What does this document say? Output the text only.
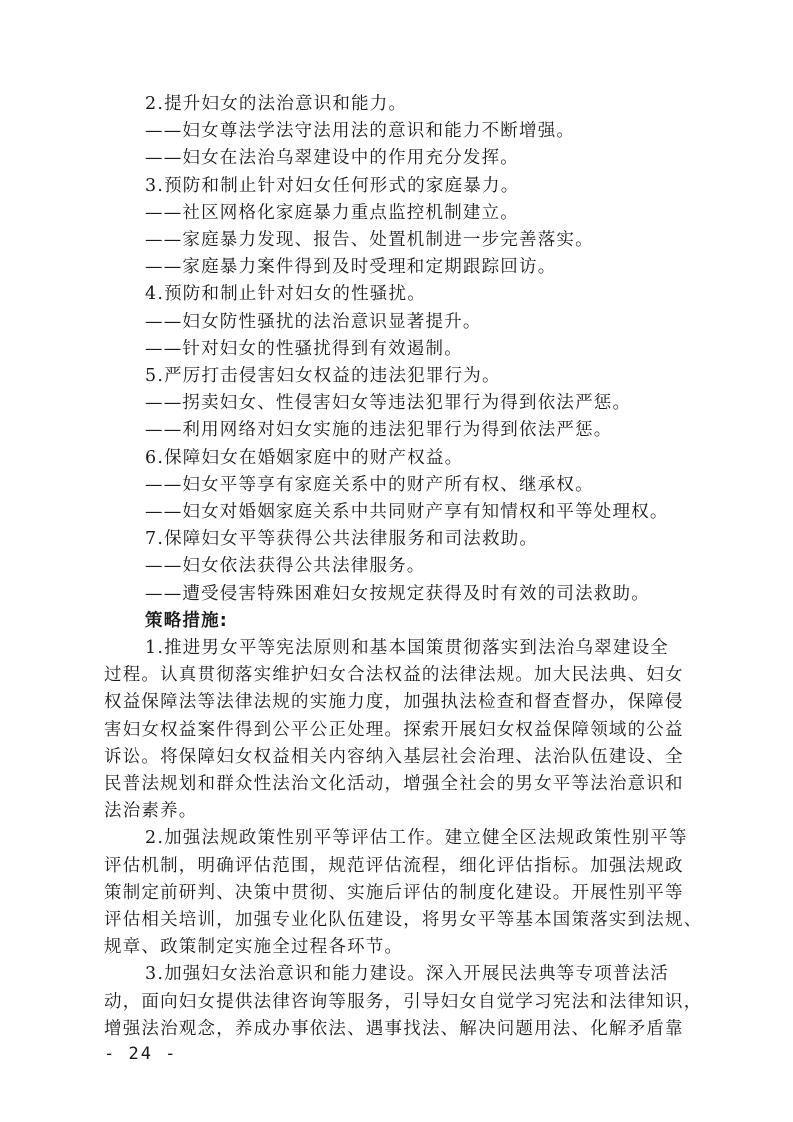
2.提升妇女的法治意识和能力。
——妇女尊法学法守法用法的意识和能力不断增强。
——妇女在法治乌翠建设中的作用充分发挥。
3.预防和制止针对妇女任何形式的家庭暴力。
——社区网格化家庭暴力重点监控机制建立。
——家庭暴力发现、报告、处置机制进一步完善落实。
——家庭暴力案件得到及时受理和定期跟踪回访。
4.预防和制止针对妇女的性骚扰。
——妇女防性骚扰的法治意识显著提升。
——针对妇女的性骚扰得到有效遏制。
5.严厉打击侵害妇女权益的违法犯罪行为。
——拐卖妇女、性侵害妇女等违法犯罪行为得到依法严惩。
——利用网络对妇女实施的违法犯罪行为得到依法严惩。
6.保障妇女在婚姻家庭中的财产权益。
——妇女平等享有家庭关系中的财产所有权、继承权。
——妇女对婚姻家庭关系中共同财产享有知情权和平等处理权。
7.保障妇女平等获得公共法律服务和司法救助。
——妇女依法获得公共法律服务。
——遭受侵害特殊困难妇女按规定获得及时有效的司法救助。
策略措施:
1.推进男女平等宪法原则和基本国策贯彻落实到法治乌翠建设全
过程。认真贯彻落实维护妇女合法权益的法律法规。加大民法典、妇女
权益保障法等法律法规的实施力度，加强执法检查和督查督办，保障侵
害妇女权益案件得到公平公正处理。探索开展妇女权益保障领域的公益
诉讼。将保障妇女权益相关内容纳入基层社会治理、法治队伍建设、全
民普法规划和群众性法治文化活动，增强全社会的男女平等法治意识和
法治素养。
2.加强法规政策性别平等评估工作。建立健全区法规政策性别平等
评估机制，明确评估范围，规范评估流程，细化评估指标。加强法规政
策制定前研判、决策中贯彻、实施后评估的制度化建设。开展性别平等
评估相关培训，加强专业化队伍建设，将男女平等基本国策落实到法规、
规章、政策制定实施全过程各环节。
3.加强妇女法治意识和能力建设。深入开展民法典等专项普法活
动，面向妇女提供法律咨询等服务，引导妇女自觉学习宪法和法律知识，
增强法治观念，养成办事依法、遇事找法、解决问题用法、化解矛盾靠
- 24 -
